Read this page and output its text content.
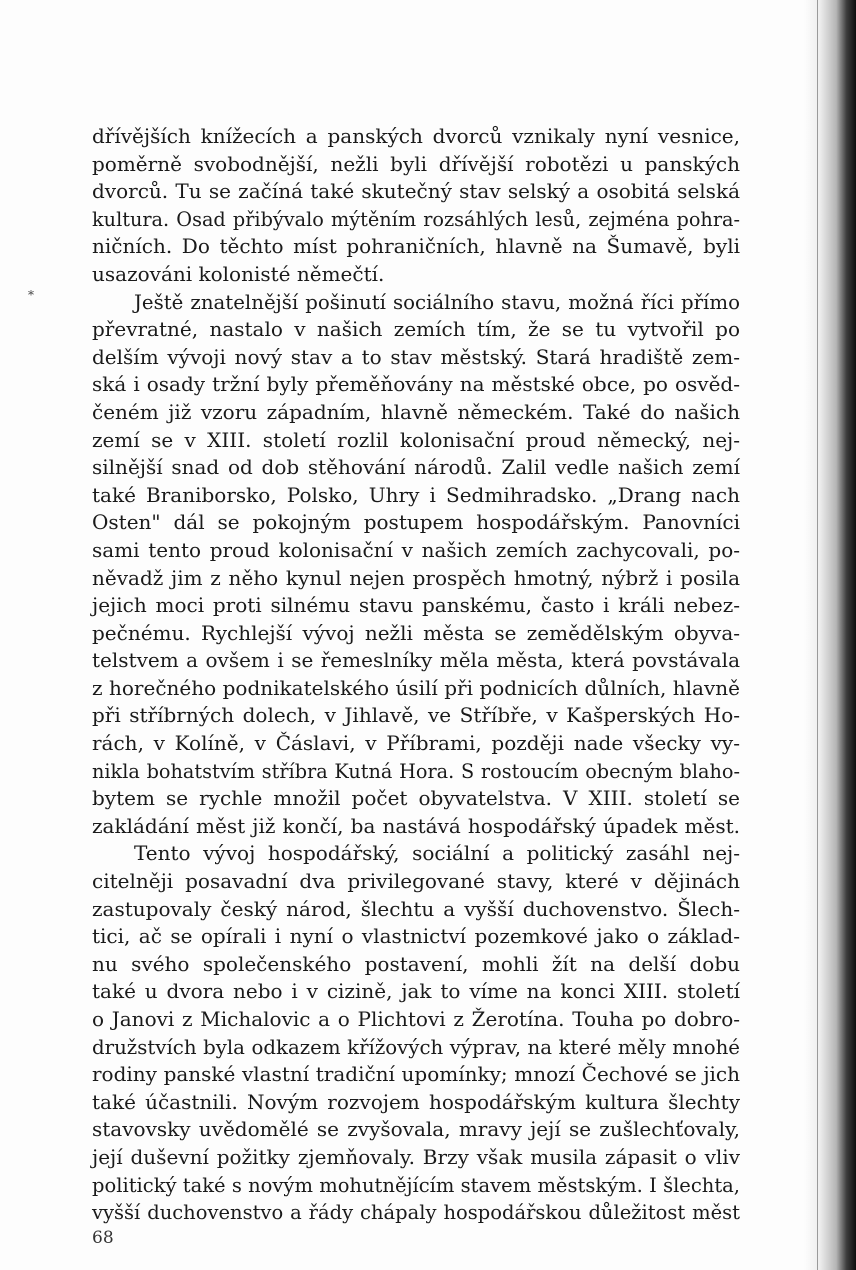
*
dřívějších knížecích a panských dvorců vznikaly nyní vesnice,
poměrně svobodnější, nežli byli dřívější robotězi u panských
dvorců. Tu se začíná také skutečný stav selský a osobitá selská
kultura. Osad přibývalo mýtěním rozsáhlých lesů, zejména pohra-
ničních. Do těchto míst pohraničních, hlavně na Šumavě, byli
usazováni kolonisté němečtí.
Ještě znatelnější pošinutí sociálního stavu, možná říci přímo
převratné, nastalo v našich zemích tím, že se tu vytvořil po
delším vývoji nový stav a to stav městský. Stará hradiště zem-
ská i osady tržní byly přeměňovány na městské obce, po osvěd-
čeném již vzoru západním, hlavně německém. Také do našich
zemí se v XIII. století rozlil kolonisační proud německý, nej-
silnější snad od dob stěhování národů. Zalil vedle našich zemí
také Braniborsko, Polsko, Uhry i Sedmihradsko. „Drang nach
Osten" dál se pokojným postupem hospodářským. Panovníci
sami tento proud kolonisační v našich zemích zachycovali, po-
něvadž jim z něho kynul nejen prospěch hmotný, nýbrž i posila
jejich moci proti silnému stavu panskému, často i králi nebez-
pečnému. Rychlejší vývoj nežli města se zemědělským obyva-
telstvem a ovšem i se řemeslníky měla města, která povstávala
z horečného podnikatelského úsilí při podnicích důlních, hlavně
při stříbrných dolech, v Jihlavě, ve Stříbře, v Kašperských Ho-
rách, v Kolíně, v Čáslavi, v Příbrami, později nade všecky vy-
nikla bohatstvím stříbra Kutná Hora. S rostoucím obecným blaho-
bytem se rychle množil počet obyvatelstva. V XIII. století se
zakládání měst již končí, ba nastává hospodářský úpadek měst.
Tento vývoj hospodářský, sociální a politický zasáhl nej-
citelněji posavadní dva privilegované stavy, které v dějinách
zastupovaly český národ, šlechtu a vyšší duchovenstvo. Šlech-
tici, ač se opírali i nyní o vlastnictví pozemkové jako o základ-
nu svého společenského postavení, mohli žít na delší dobu
také u dvora nebo i v cizině, jak to víme na konci XIII. století
o Janovi z Michalovic a o Plichtovi z Žerotína. Touha po dobro-
družstvích byla odkazem křížových výprav, na které měly mnohé
rodiny panské vlastní tradiční upomínky; mnozí Čechové se jich
také účastnili. Novým rozvojem hospodářským kultura šlechty
stavovsky uvědomělé se zvyšovala, mravy její se zušlechťovaly,
její duševní požitky zjemňovaly. Brzy však musila zápasit o vliv
politický také s novým mohutnějícím stavem městským. I šlechta,
vyšší duchovenstvo a řády chápaly hospodářskou důležitost měst
68
